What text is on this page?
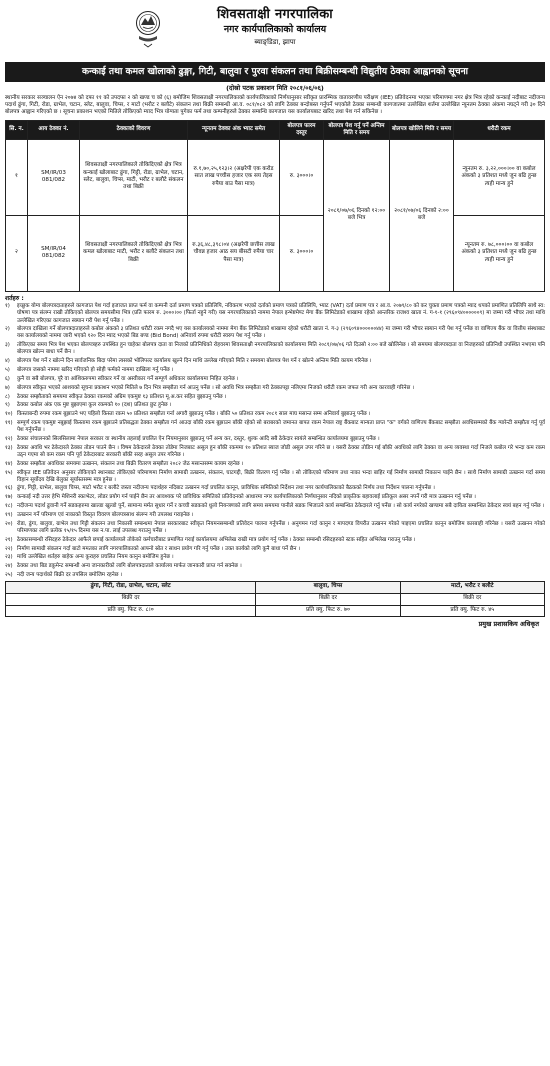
शिवसताक्षी नगरपालिका
नगर कार्यपालिकाको कार्यालय
ब्याङ्डिडा, झापा
कन्काई तथा कमल खोलाको ढुङ्गा, गिटी, बालुवा र पुरवा संकलन तथा बिक्रीसम्बन्धी विद्युतीय ठेक्का आह्वानको सूचना
(दोस्रो पटक प्रकाशन मिति २०८१/०६/०६)

स्थानीय सरकार सञ्चालन ऐन २०७४ को दफा ११ को उपदफा २ को खण्ड च को (६) बमोजिम शिवसताक्षी नगरपालिकाको कार्यपालिकाको निर्णयानुसार स्वीकृत प्रारम्भिक वातावरणीय परीक्षण (IEE) प्रतिवेदनमा भएका परिमाणमा नगर क्षेत्र भित्र रहेको कन्काई नदीबाट नदीजन्य पदार्थ ढुंगा, गिटी, रोडा, ग्राभेल, चटान, स्लेट, बालुवा, चिप्स, र माटो (भरौट र बलौटे) संकलन तथा बिक्री सम्बन्धी आ.व. ०८१/०८२ को लागि ठेक्का बन्दोबस्त गर्नुपर्ने भएकोले ठेक्का सम्बन्धी कागजातमा उल्लेखित शर्तमा उल्लेखित न्यूनतम ठेक्का अंकमा नघट्ने गरी ३० दिने बोलपत्र आह्वान गरिएको छ । सूचना प्रकाशन भएको मितिले तोकिएको म्याद भित्र योग्यता पुगेका फर्म तथा कम्पनीहरुले ठेक्का सम्बन्धि कागजात यस कार्यालयबाट खरिद तथा पेश गर्न सकिनेछ ।

सि. न.	आय ठेक्का नं.	ठेक्काको विवरण	न्यूनतम ठेक्का अंक भ्याट समेत	बोलपत्र फारम दस्तुर	बोलपत्र पेश गर्नु पर्ने अन्तिम मिति र समय	बोलपत्र खोलिने मिति र समय	धरौटी रकम
१	SM/IR/03 081/082	शिवसताक्षी नगरपालिकाले तोकिदिएको क्षेत्र भित्र कन्काई खोलाबाट ढुंगा, गिट्टी, रोडा, ग्राभेल, चटान, स्लेट, बालुवा, चिप्स, माटी, भरौट र बलौटे संकलन तथा बिक्री	रु.१,७०,२५,१२३।२ (अक्षरेपी एक करोड सात लाख पच्चीस हजार एक सय तेइस रुपैया बाउ पैसा मात्र)	रु. ३०००।०	२०८१/०७/०६ दिनको १२:०० बजे भित्र	२०८१/०७/०६ दिनको २:०० बजे	न्यूनतम रु. ३,२२,०००।०० वा कबोल अंकको ३ प्रतिशत मध्ये जुन बढि हुन्छ त्यही मान्य हुने
२	SM/IR/04 081/082	शिवसताक्षी नगरपालिकाले तोकिदिएको क्षेत्र भित्र कमल खोलाबाट माटी, भरौट र बलौटे संकलन तथा बिक्री	रु.३६,४८,३९८।०४ (अक्षरेपी छत्तीस लाख चौवन्न हजार आठ सय बीसटी रुपैया चार पैसा मात्र)	रु. ३०००।०			न्यूनतम रु. ७८,०००।०० वा कबोल अंकको ३ प्रतिशत मध्ये जुन बढि हुन्छ त्यही मान्य हुने
शर्तहरु :
१)	इच्छुक योग्य बोलपत्रदाताहरुले कागजात पेश गर्दा इजाजत प्राप्त फर्म वा कम्पनी दर्ता प्रमाण पत्रको प्रतिलिपि, नविकरण भएको दर्ताको प्रमाण पत्रको प्रतिलिपि, भ्याट (VAT) दर्ता प्रमाण पत्र र आ.व. २०७९/८० को कर चुक्ता प्रमाण पत्रको म्याद थपको प्रमाणित प्रतिलिपि साथै स्व: घोषणा पत्र संलग्न राखी तोकिएको बोलपत्र समयसीमा भित्र (प्रति फारम रु. ३०००।०० (फिर्ता नहुने गरी) यस नगरपालिकाको नाममा नेपाल इन्भेष्टमेण्ट मेगा बैंक लिमिटेडको शाखामा रहेको आन्तरिक राजश्व खाता नं. ग-१-१ (२९६०९४००००००९) मा जम्मा गरी भौचर तथा माथि उल्लेखित गरिएका कागजात स्क्यान गरी पेश गर्नु पर्नेछ ।
२)	बोलपत्र दाखिला गर्ने बोलपत्रदाताहरुले कबोल अंकको ३ प्रतिशत धरौटी रकम नगदै भए यस कार्यालयको नाममा मेगा बैंक लिमिटेडको शाखामा रहेको धरौटी खाता नं. ग-३ (२९६०९४००००००४४) मा जम्मा गरी भौचर स्क्यान गरी पेश गर्नु पर्नेछ वा वाणिज्य बैंक वा वित्तीय संस्थाबाट यस कार्यालयको नाममा जारी भएको १२० दिन म्याद भएको बिड बण्ड (Bid Bond) अनिवार्य रुपमा धरौटी स्वरुप पेश गर्नु पर्नेछ ।
३)	तोकिएका समय भित्र पेश भएका बोलपत्रहरु उपस्थित हुन चाहेका बोलपत्र दाता वा निजको प्रतिनिधिको रोहवरमा शिवसताक्षी नगरपालिकाको कार्यालयमा मिति २०८१/०७/०६ गते दिउसो २:०० बजे खोलिनेछ । सो समयमा बोलपत्रदाता वा निजहरुको प्रतिनिधी उपस्थित नभएमा पनि बोलपत्र खोल्न बाधा पर्ने छैन ।
४)	बोलपत्र पेश गर्ने र खोल्ने दिन सार्वजनिक बिदा परेमा त्यसको भोलिपल्ट कार्यालय खुल्ने दिन माथि उल्लेख गरिएको मिति र समयमा बोलपत्र पेश गर्ने र खोल्ने अन्तिम मिति कायम गरिनेछ ।
५)	बोलपत्र जसको नाममा खरिद गरिएको हो सोही फर्मको नाममा दाखिला गर्नु पर्नेछ ।
६)	कुनै वा सबै बोलपत्र, पूरै वा आंशिकरुपमा स्वीकार गर्ने वा अस्वीकार गर्ने सम्पूर्ण अधिकार कार्यालयमा निहित रहनेछ ।
७)	बोलपत्र स्वीकृत भएको आशयको सूचना प्रकाशन भएको मितिले ७ दिन भित्र सम्झौता गर्न आउनु पर्नेछ । सो अवधि भित्र सम्झौता गरी ठेक्कापट्टा नलिएमा निजको धरौटी रकम जफत गरी अन्य कारवाही गरिनेछ ।
८)	ठेक्का सम्झौताको समयमा स्वीकृत ठेक्का रकमको अग्रिम एकमुष्ट १३ प्रतिशत मू.अ.कर सहित बुझाउनु पर्नेछ ।
९)	ठेक्का कबोल अंक एक मुष्ट बुझाएमा कुल रकमको १० (दश) प्रतिशत छुट हुनेछ ।
१०) किस्ताबन्दी रुपमा रकम बुझाउने भए पहिलो किस्ता रकम ५० प्रतिशत सम्झौता गर्ना अगावै बुझाउनु पर्नेछ । बाँकी ५० प्रतिशत रकम २०८१ साल माघ मसान्त सम्म अनिवार्य बुझाउनु पर्नेछ ।
११) सम्पूर्ण रकम एकमुष्ट नबुझाई किस्तामा रकम बुझाउने प्रतिबद्धता ठेक्का सम्झौता गर्न आउदा बाँकी रकम बुझाउन बाँकी रहेको सो बराबरको जमानत बापत रकम नेपाल राष्ट्र बैंकबाट मान्यता प्राप्त "क" वर्गको वाणिज्य बैंकबाट सम्झौता अवधिसम्मको बैंक ग्यारेन्टी सम्झौता गर्नु पूर्व पेश गर्नुपर्नेछ ।
१२) ठेक्का संचालनको सिलसिलामा नेपाल सरकार वा स्थानीय तहलाई प्रचलित ऐन नियमानुसार बुझाउनु पर्ने अन्य कर, दस्तुर, शुल्क आदि सबै ठेकेदार स्वयंले सम्बन्धित कार्यालयमा बुझाउनु पर्नेछ ।
१३) ठेक्का अवधि भर ठेकेदारले ठेक्का तोडन पाउने छैन । विषम ठेकेदारले ठेक्का तोडेमा निजबाट असुल हुन बाँकी रकममा १० प्रतिशत ब्याज जोडी असुल उपर गरिने छ । यसरी ठेक्का तोडिन गई बाँकी अवधिको लागि ठेक्का वा अन्य व्यवस्था गर्दा निजले कबोल गरे भन्दा कम रकम उठ्न गएमा सो कम रकम पनि पूर्व ठेकेदारबाट सरकारी बाँकी सरह असुल उपर गरिनेछ ।
१४) ठेक्का सम्झौता अवधिका समयमा उत्खनन, संकलन तथा बिक्री वितरण सम्झौता २०८२ जेठ मसान्तसम्म कायम रहनेछ ।
१५) स्वीकृत IEE प्रतिवेदन अनुसार तोकिएको स्थानबाट तोकिएको परिमाणमा निर्माण सामाग्री उत्खनन, संकलन, घाटगद्दी, बिक्री वितरण गर्नु पर्नेछ । सो तोकिएको परिमाण तथा नाका भन्दा बाहिर गई निर्माण सामाग्री निकाल्न पाईने छैन । साथै निर्माण सामाग्री उत्खनन गर्दा समय विहान सूर्योदय देखि बेलुका सूर्यास्तसम्म मात्र हुनेछ ।
१६) ढुंगा, गिट्टी, ग्राभेल, बालुवा चिप्स, माटो भरौट र बलौटे जस्ता नदीजन्य पदार्थहरु नदिबाट उत्खनन गर्दा प्रचलित कानून, प्राविधिक समितिको निर्देशन तथा नगर कार्यपालिकाको बैठकको निर्णय तथा निर्देशन पालना गर्नुपर्नेछ ।
१७) कन्काई नदी उत्तर हेभि मेशिनरी स्काभेटर, लोडर प्रयोग गर्न पाईने छैन तर आवश्यक परे प्राविधिक समितिको प्रतिवेदनको आधारमा नगर कार्यपालिकाको निर्णयानुसार नदिको प्राकृतिक बहावलाई प्रतिकूल असर नपर्ने गरी मात्र उत्खनन गर्नु पर्नेछ ।
१८) नदीजन्य पदार्थ ढुवानी गर्ने सडकहरुमा खाल्डा खुल्डो पुर्ने, सामान्य मर्मत सुधार गर्ने र कच्ची सडकको धुलो नियन्त्रणको लागि समय समयमा पानीले सडक भिजाउने कार्य सम्बन्धित ठेकेदारले गर्नु पर्नेछ । सो कार्य नगरेको खण्डमा सबै दायित्व सम्बन्धित ठेकेदार स्वयं बहन गर्नु पर्नेछ ।
१९) उत्खनन गर्ने परिमाण एवं नाकाको विस्तृत विवरण बोलपत्रसाथ संलग्न गरी उपलब्ध गराइनेछ ।
२०) रोडा, ढुंगा, बालुवा, ग्राभेल तथा गिट्टी संकलन तथा निकासी सम्बन्धमा नेपाल सरकारबाट स्वीकृत नियमनसम्बन्धी प्रतिवेदन पालना गर्नुपर्नेछ । अनुगमन गर्दा कानुन र मापदण्ड विपरीत उत्खनन गरेको पाइएमा प्रचलित कानून बमोजिम कारबाही गरिनेछ । यसरी उत्खनन गरेको परिमाणका लागि प्रत्येक १५/१५ दिनमा यस न.पा. लाई उपलब्ध गराउनु पर्नेछ ।
२१) ठेक्कासम्बन्धी रसिदहरु ठेकेदार आफैले छपाई कार्यालयले तोकेको कर्मचारीबाट प्रमाणित गराई कार्यालयमा अभिलेख राखी मात्र प्रयोग गर्नु पर्नेछ । ठेक्का सम्बन्धी रसिदहरुको स्टक सहित अभिलेख गराउनु पर्नेछ ।
२२) निर्माण सामाग्री संकलन गर्दा बाटो ममतका लागि नगरपालिकाको आफ्नो स्रोत र साधन प्रयोग गरि गर्नु पर्नेछ । उक्त कार्यको लागि कुनै बाधा पर्ने छैन ।
२३) माथि उल्लेखित शर्तहरु बाहेक अन्य कुराहरु प्रचलित नियम कानुन बमोजिम हुनेछ ।
२४) ठेक्का तथा बिड डकुमेन्ट सम्बन्धी अन्य जानकारीको लागि बोलपत्रदाताले कार्यालय मार्फत जानकारी प्राप्त गर्न सक्नेछ ।
२५) नदी जन्य पदार्थको बिक्री दर तपसिल बमोजिम रहनेछ ।
ढुंगा, गिटी, रोडा, ग्राभेल, चटान, स्लेट	बालुवा, चिप्स	माटो, भरौट र बलौटे
बिक्री दर	बिक्री दर	बिक्री दर
प्रति क्यु. फिट रु. ८।०	प्रति क्यु. फिट रु. ७०	प्रति क्यु. फिट रु. ४५
प्रमुख प्रशासकिय अधिकृत
